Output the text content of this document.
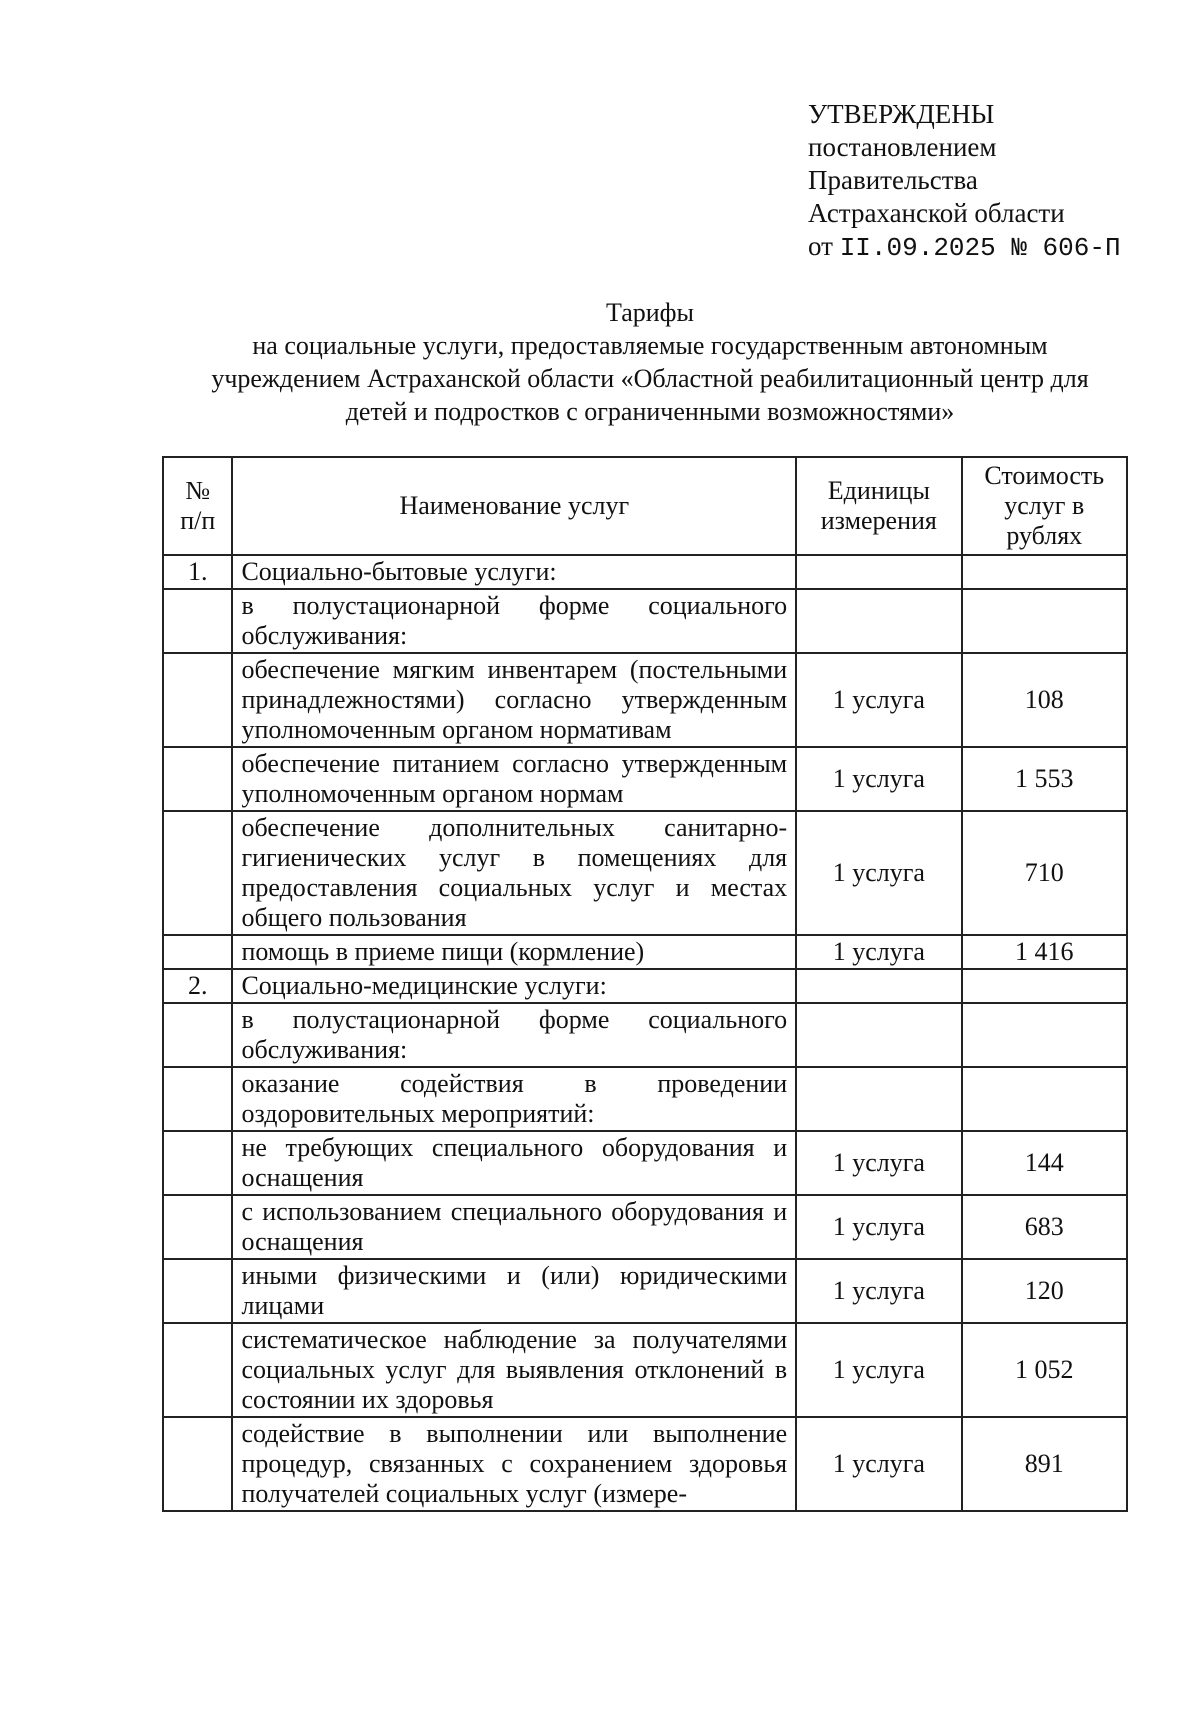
УТВЕРЖДЕНЫ
постановлением
Правительства
Астраханской области
от II.09.2025 № 606-П
Тарифы
на социальные услуги, предоставляемые государственным автономным
учреждением Астраханской области «Областной реабилитационный центр для
детей и подростков с ограниченными возможностями»
№ п/п	Наименование услуг	Единицы измерения	Стоимость услуг в рублях
1.	Социально-бытовые услуги:		
	в полустационарной форме социального обслуживания:		
	обеспечение мягким инвентарем (постельными принадлежностями) согласно утвержденным уполномоченным органом нормативам	1 услуга	108
	обеспечение питанием согласно утвержденным уполномоченным органом нормам	1 услуга	1 553
	обеспечение дополнительных санитарно-гигиенических услуг в помещениях для предоставления социальных услуг и местах общего пользования	1 услуга	710
	помощь в приеме пищи (кормление)	1 услуга	1 416
2.	Социально-медицинские услуги:		
	в полустационарной форме социального обслуживания:		
	оказание содействия в проведении оздоровительных мероприятий:		
	не требующих специального оборудования и оснащения	1 услуга	144
	с использованием специального оборудования и оснащения	1 услуга	683
	иными физическими и (или) юридическими лицами	1 услуга	120
	систематическое наблюдение за получателями социальных услуг для выявления отклонений в состоянии их здоровья	1 услуга	1 052
	содействие в выполнении или выполнение процедур, связанных с сохранением здоровья получателей социальных услуг (измере-	1 услуга	891
